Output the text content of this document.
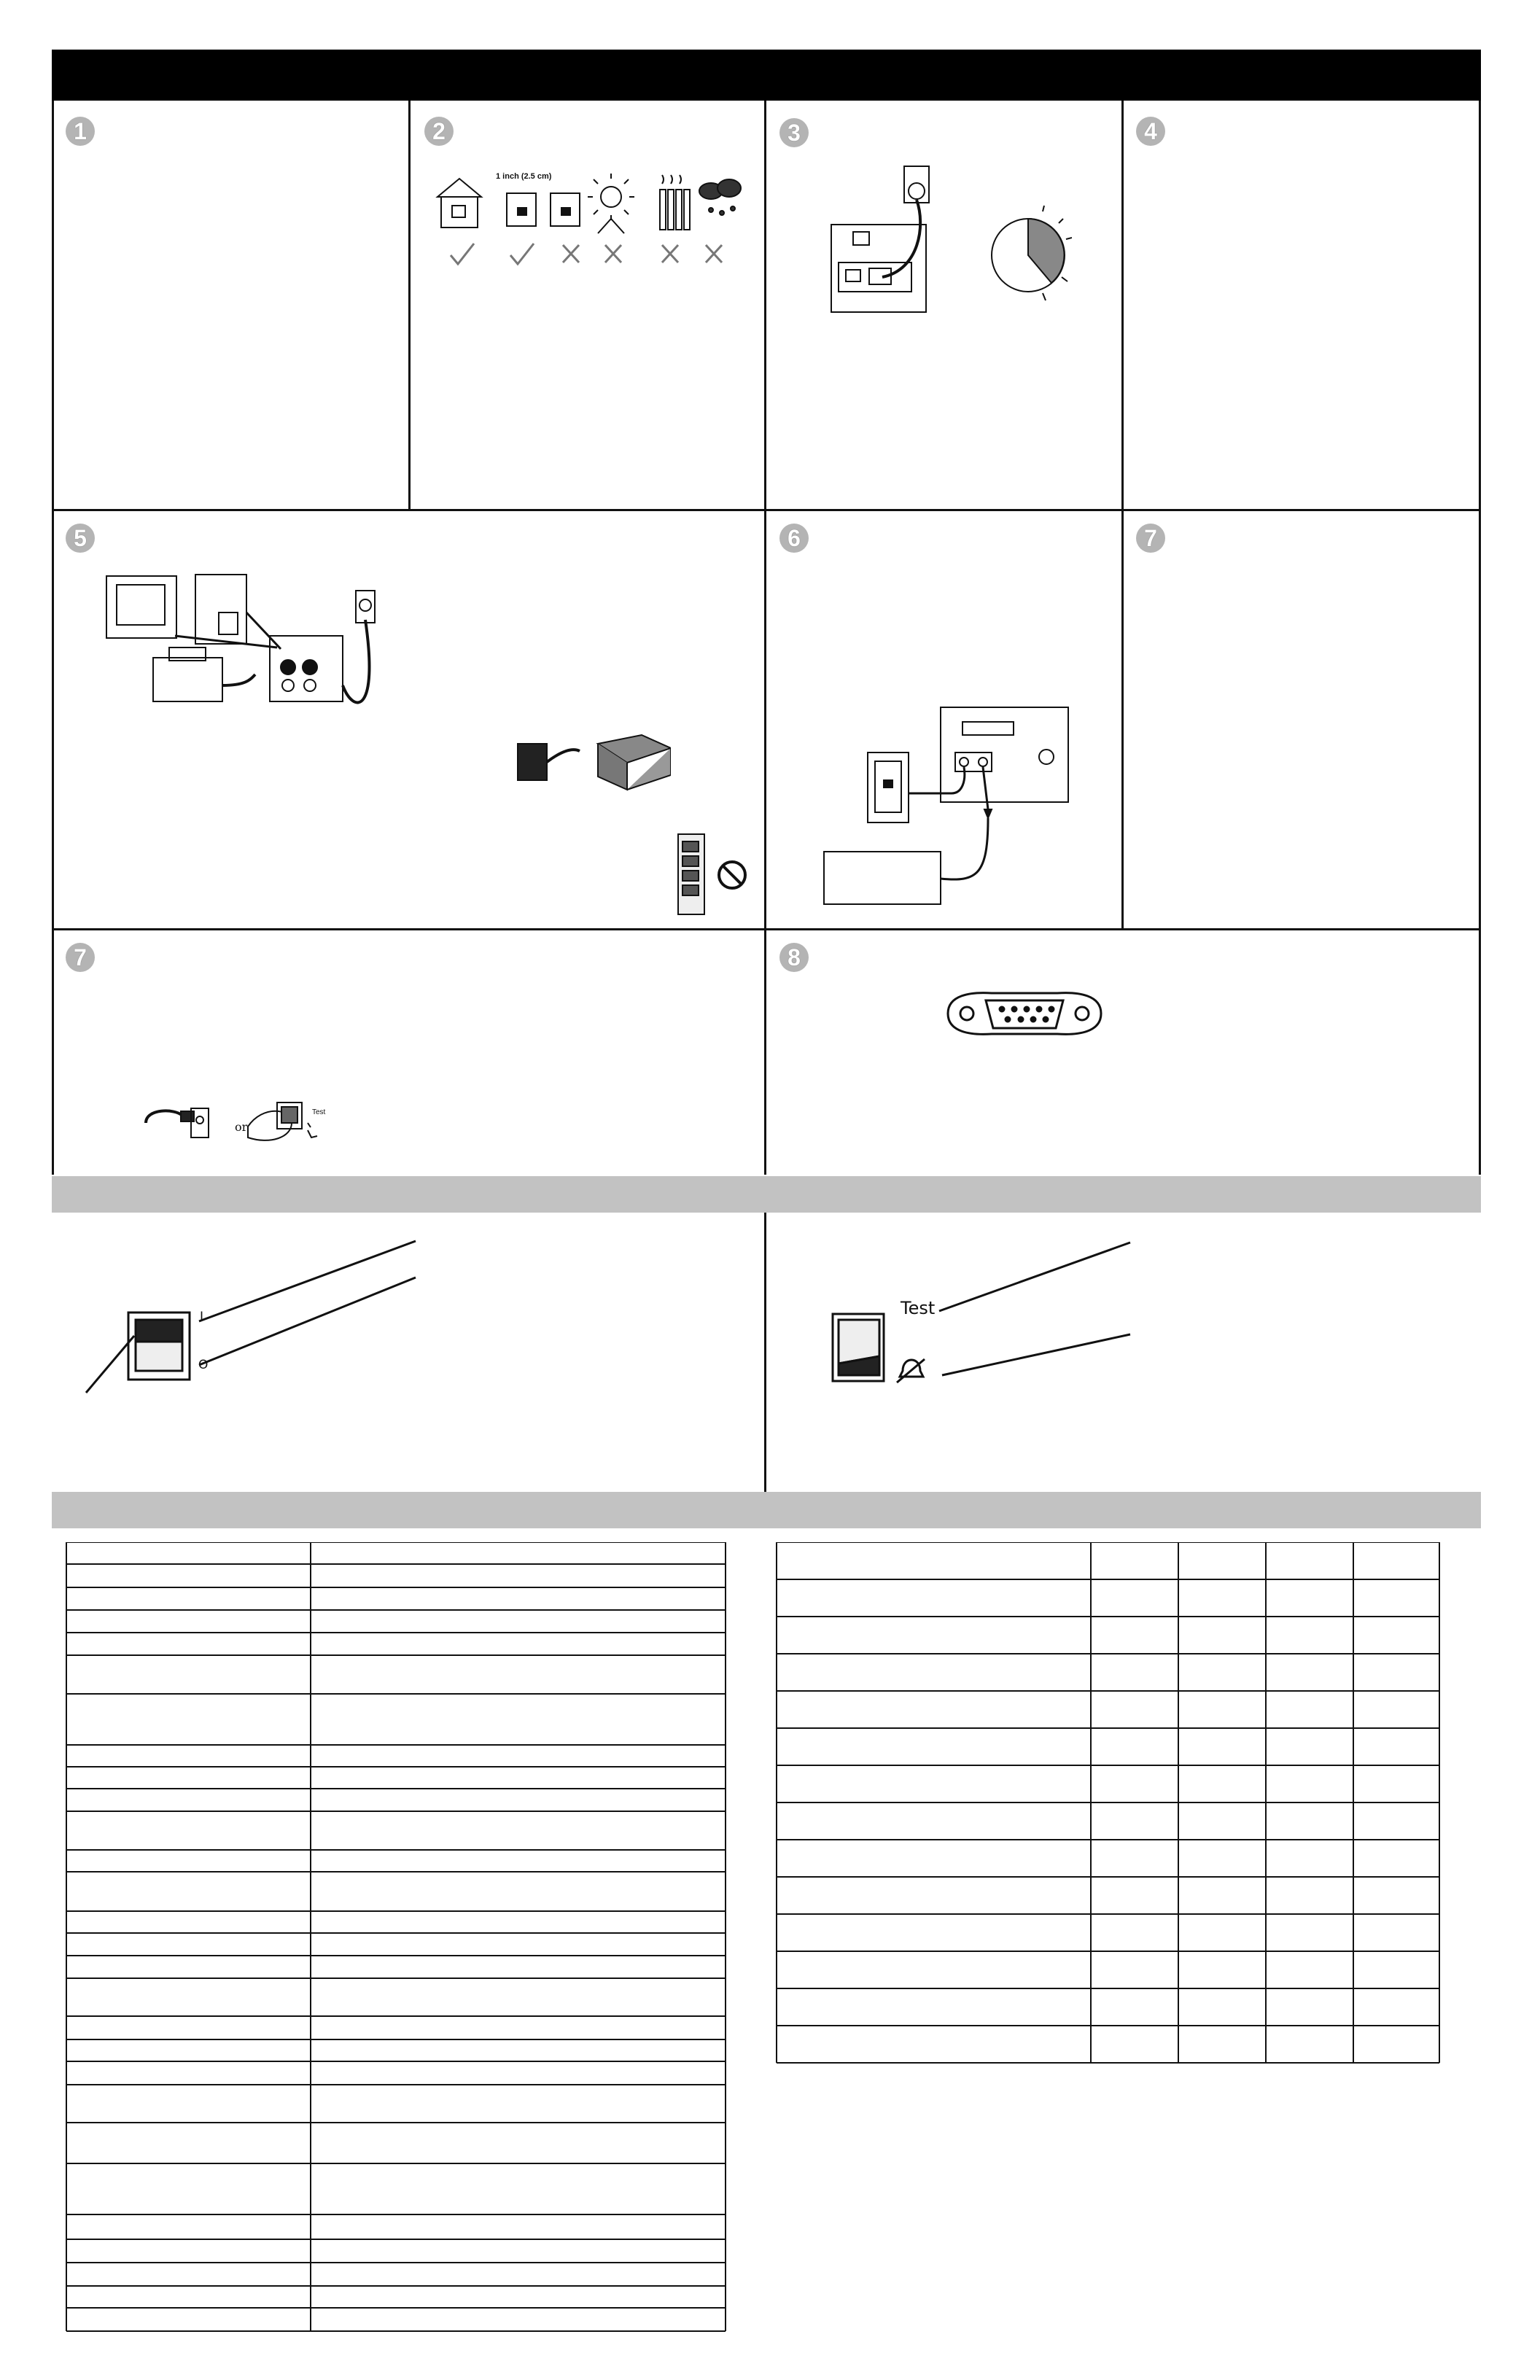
1	2	3	4
5	6	7
7	8
1 inch (2.5 cm)
or
Test
I
O
Test
